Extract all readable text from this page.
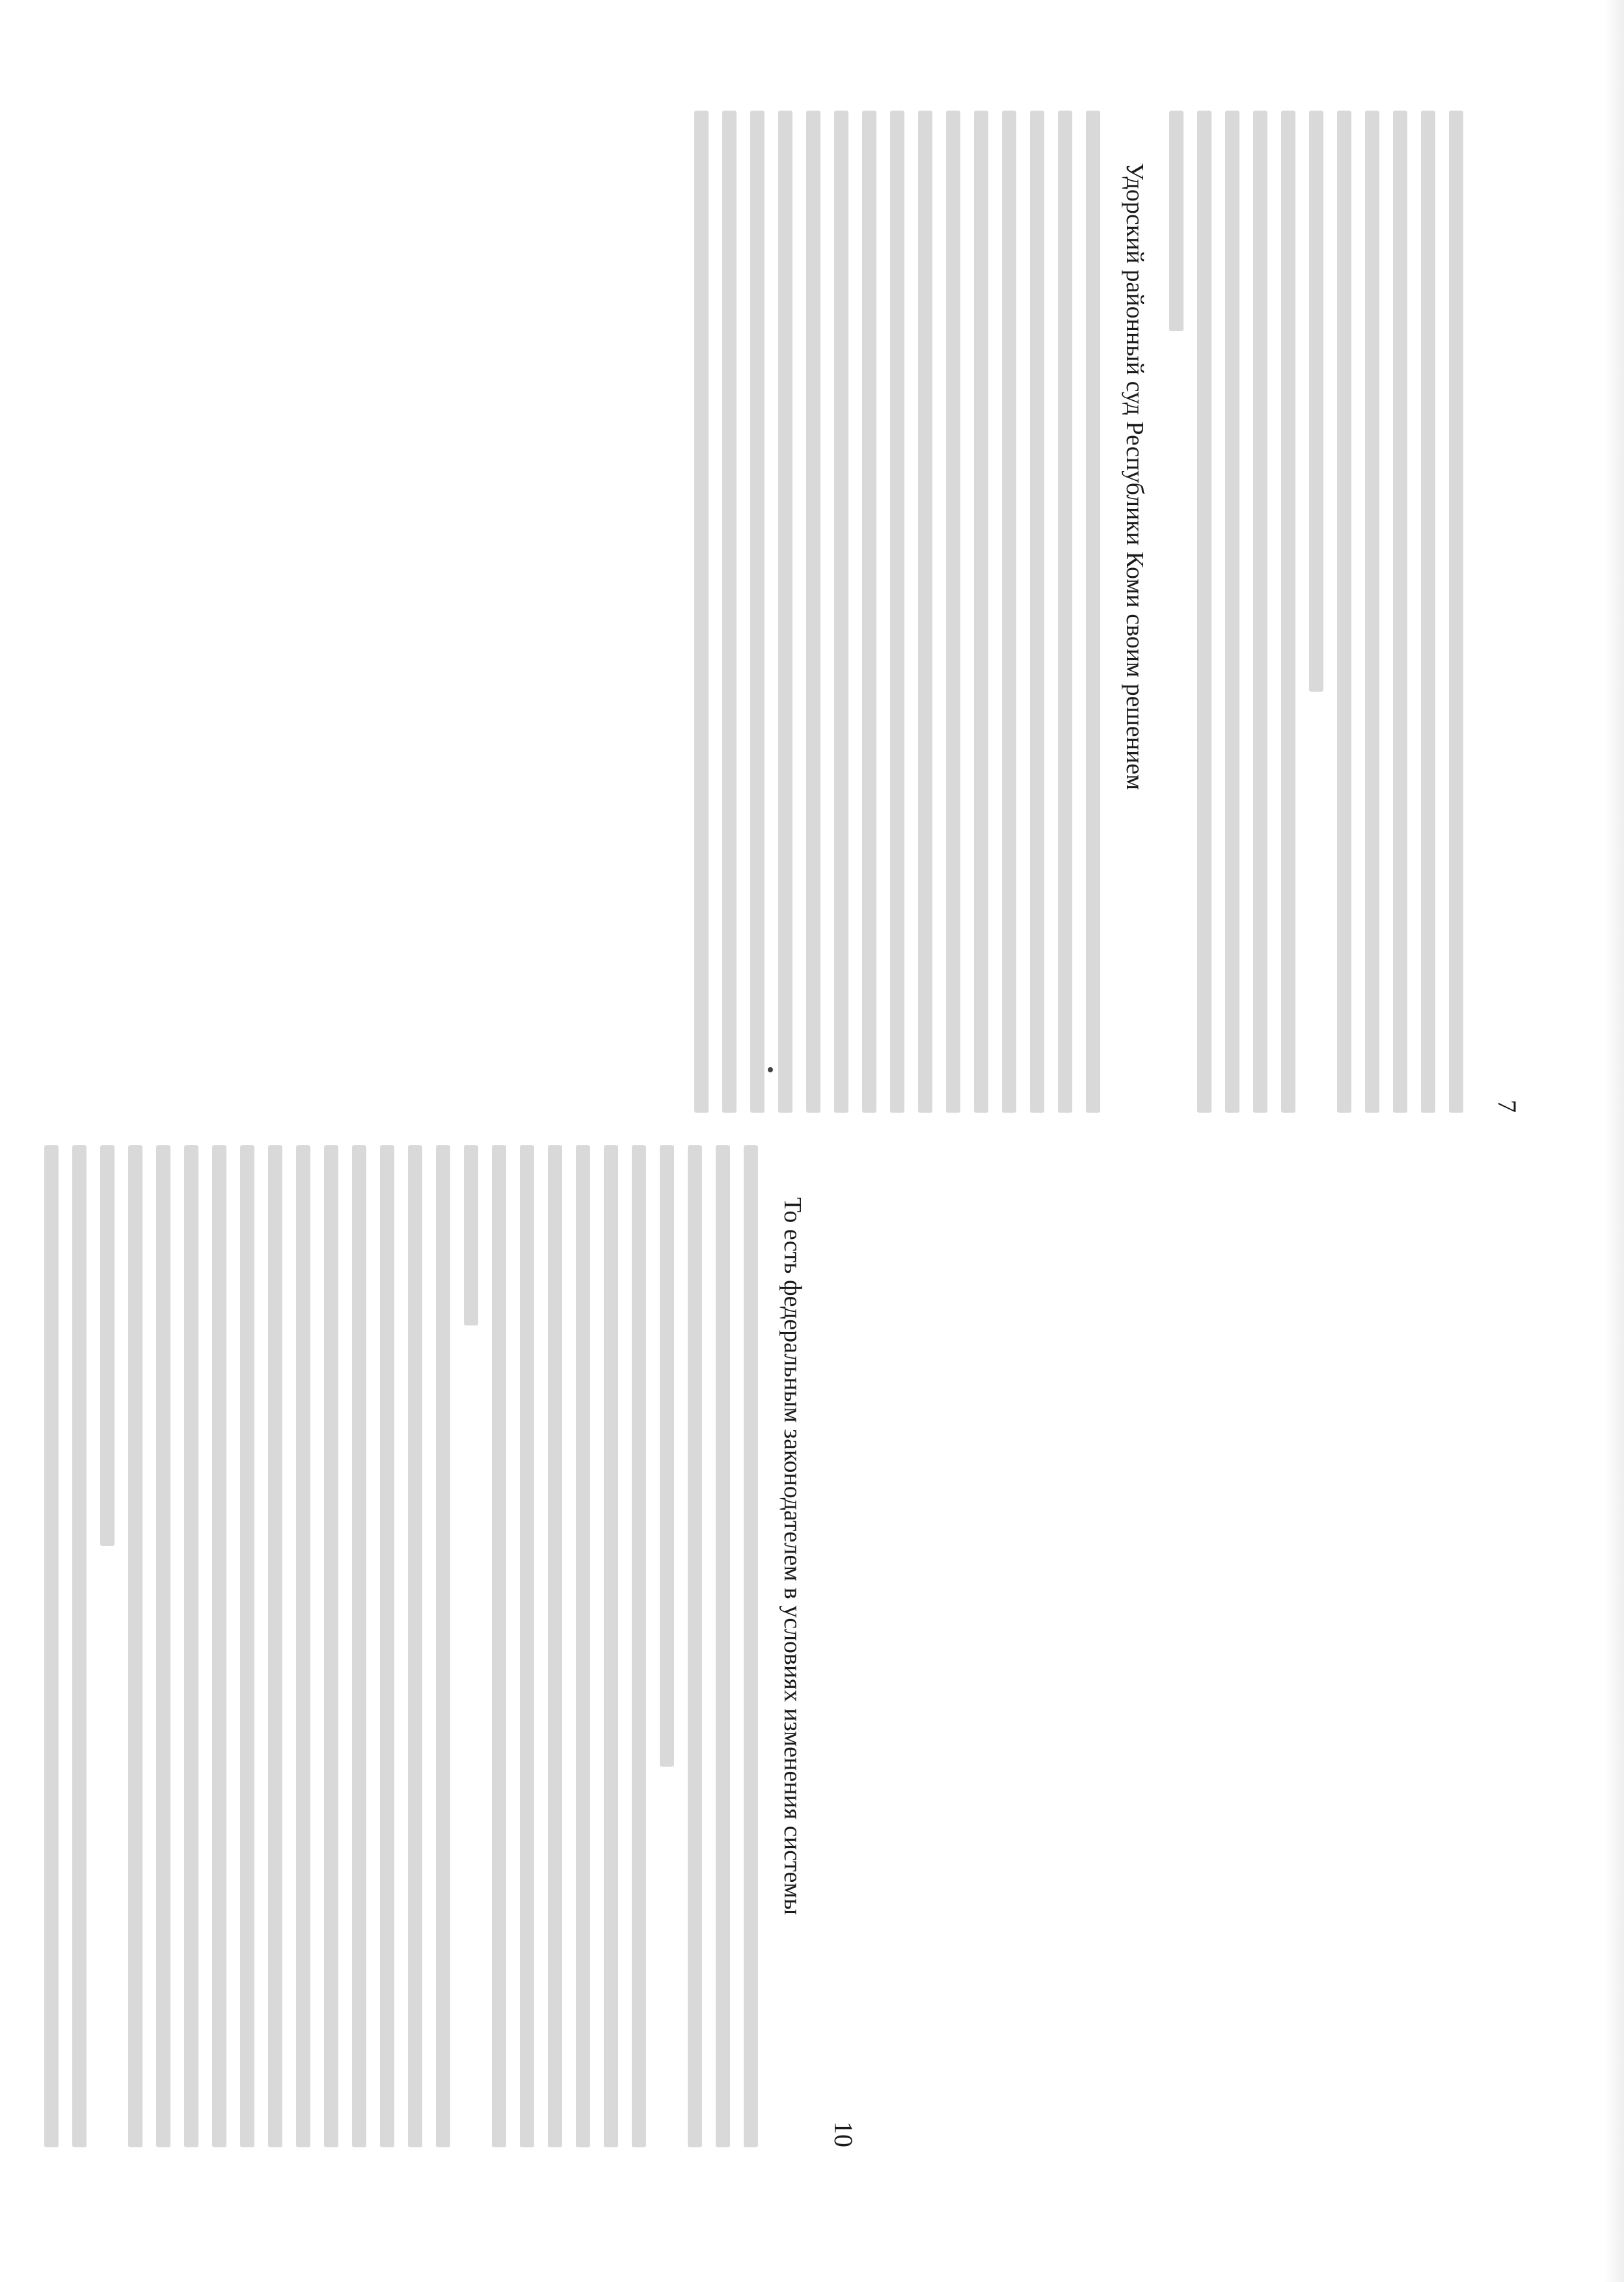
7

Удорский районный суд Республики Коми своим решением

10

То есть федеральным законодателем в условиях изменения системы
